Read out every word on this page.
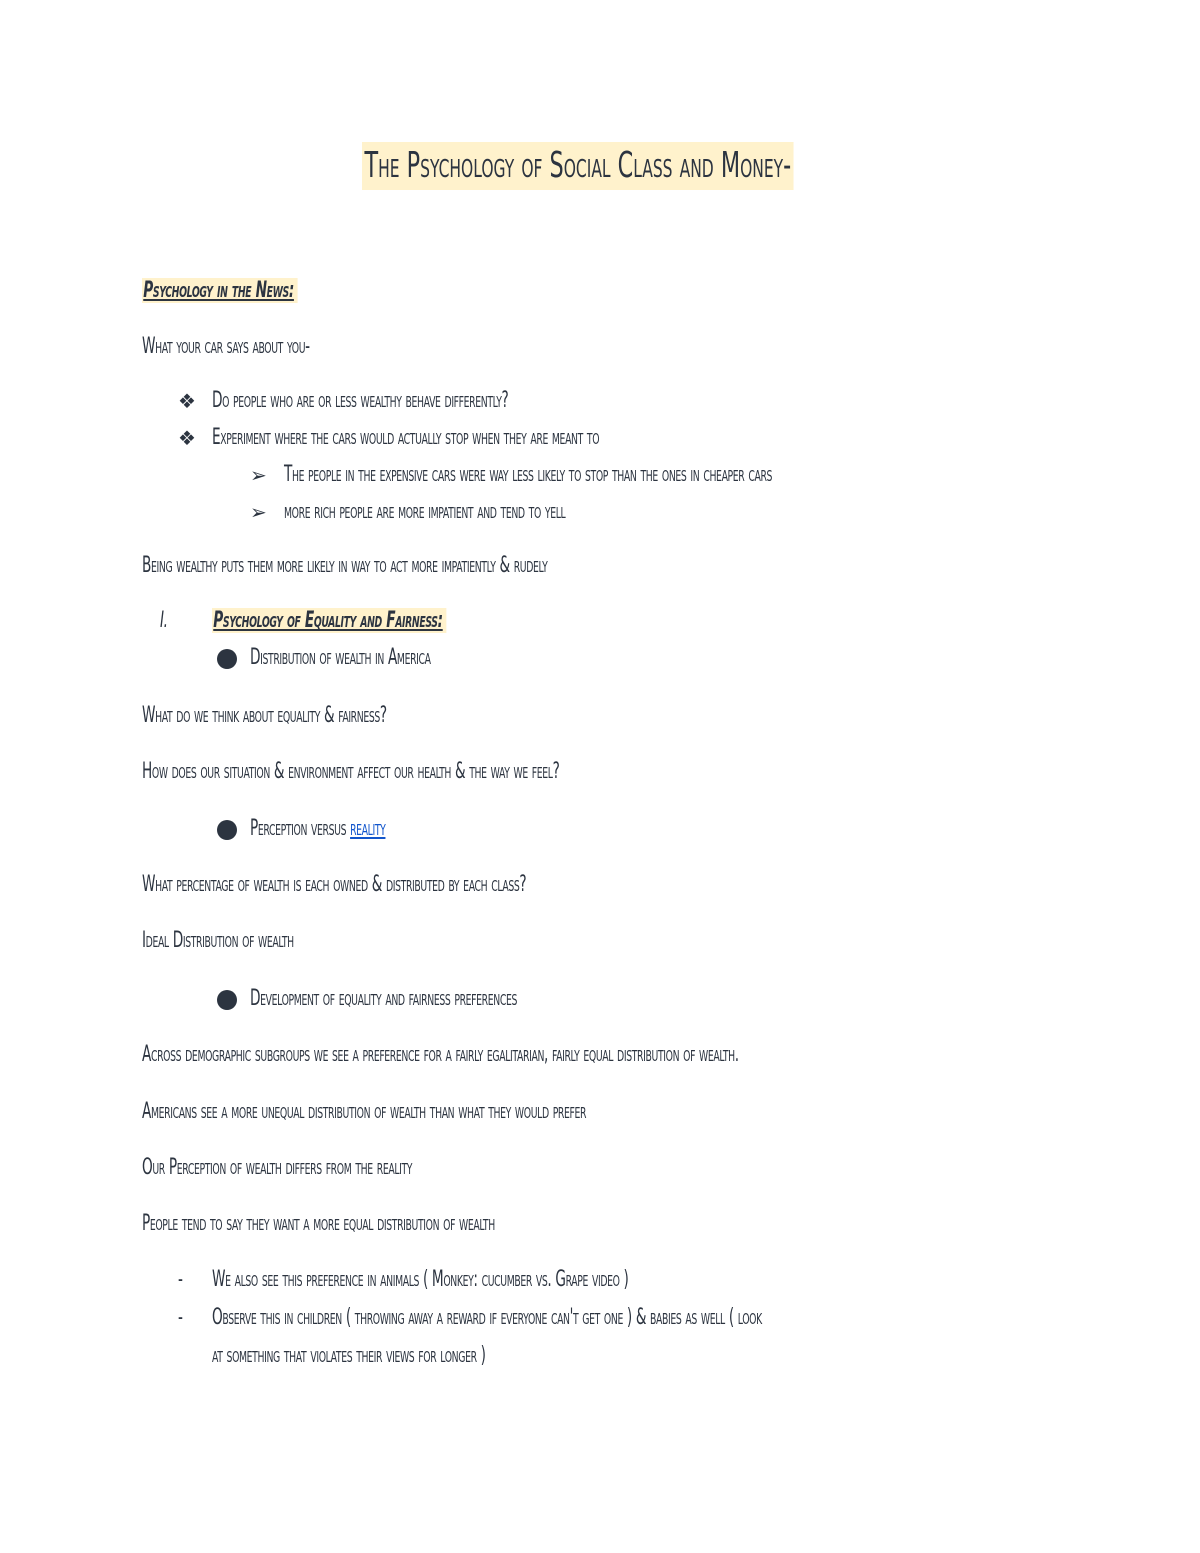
The Psychology of Social Class and Money-
Psychology in the News:
What your car says about you-
❖ Do people who are or less wealthy behave differently?
❖ Experiment where the cars would actually stop when they are meant to
➢ The people in the expensive cars were way less likely to stop than the ones in cheaper cars
➢ more rich people are more impatient and tend to yell
Being wealthy puts them more likely in way to act more impatiently & rudely
I. Psychology of Equality and Fairness:
Distribution of wealth in America
What do we think about equality & fairness?
How does our situation & environment affect our health & the way we feel?
Perception versus reality
What percentage of wealth is each owned & distributed by each class?
Ideal Distribution of wealth
Development of equality and fairness preferences
Across demographic subgroups we see a preference for a fairly egalitarian, fairly equal distribution of wealth.
Americans see a more unequal distribution of wealth than what they would prefer
Our Perception of wealth differs from the reality
People tend to say they want a more equal distribution of wealth
- We also see this preference in animals ( Monkey: cucumber vs. Grape video )
- Observe this in children ( throwing away a reward if everyone can't get one ) & babies as well ( look
at something that violates their views for longer )
